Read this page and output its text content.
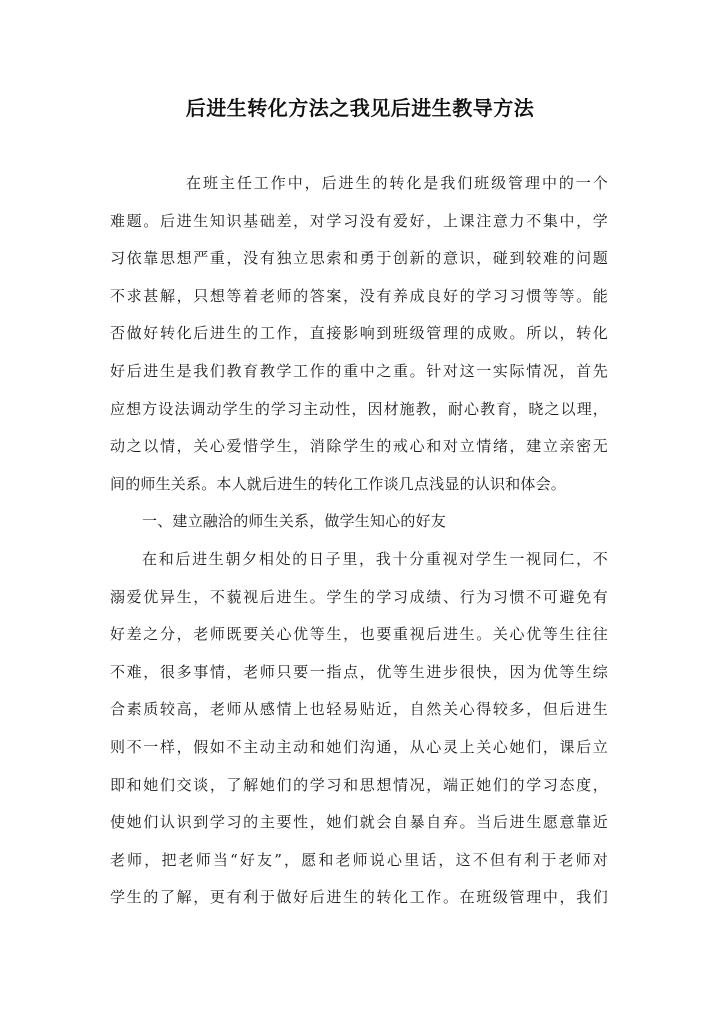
后进生转化方法之我见后进生教导方法
在班主任工作中，后进生的转化是我们班级管理中的一个
难题。后进生知识基础差，对学习没有爱好，上课注意力不集中，学
习依靠思想严重，没有独立思索和勇于创新的意识，碰到较难的问题
不求甚解，只想等着老师的答案，没有养成良好的学习习惯等等。能
否做好转化后进生的工作，直接影响到班级管理的成败。所以，转化
好后进生是我们教育教学工作的重中之重。针对这一实际情况，首先
应想方设法调动学生的学习主动性，因材施教，耐心教育，晓之以理，
动之以情，关心爱惜学生，消除学生的戒心和对立情绪，建立亲密无
间的师生关系。本人就后进生的转化工作谈几点浅显的认识和体会。
一、建立融洽的师生关系，做学生知心的好友
在和后进生朝夕相处的日子里，我十分重视对学生一视同仁，不
溺爱优异生，不藐视后进生。学生的学习成绩、行为习惯不可避免有
好差之分，老师既要关心优等生，也要重视后进生。关心优等生往往
不难，很多事情，老师只要一指点，优等生进步很快，因为优等生综
合素质较高，老师从感情上也轻易贴近，自然关心得较多，但后进生
则不一样，假如不主动主动和她们沟通，从心灵上关心她们，课后立
即和她们交谈，了解她们的学习和思想情况，端正她们的学习态度，
使她们认识到学习的主要性，她们就会自暴自弃。当后进生愿意靠近
老师，把老师当“好友”，愿和老师说心里话，这不但有利于老师对
学生的了解，更有利于做好后进生的转化工作。在班级管理中，我们
